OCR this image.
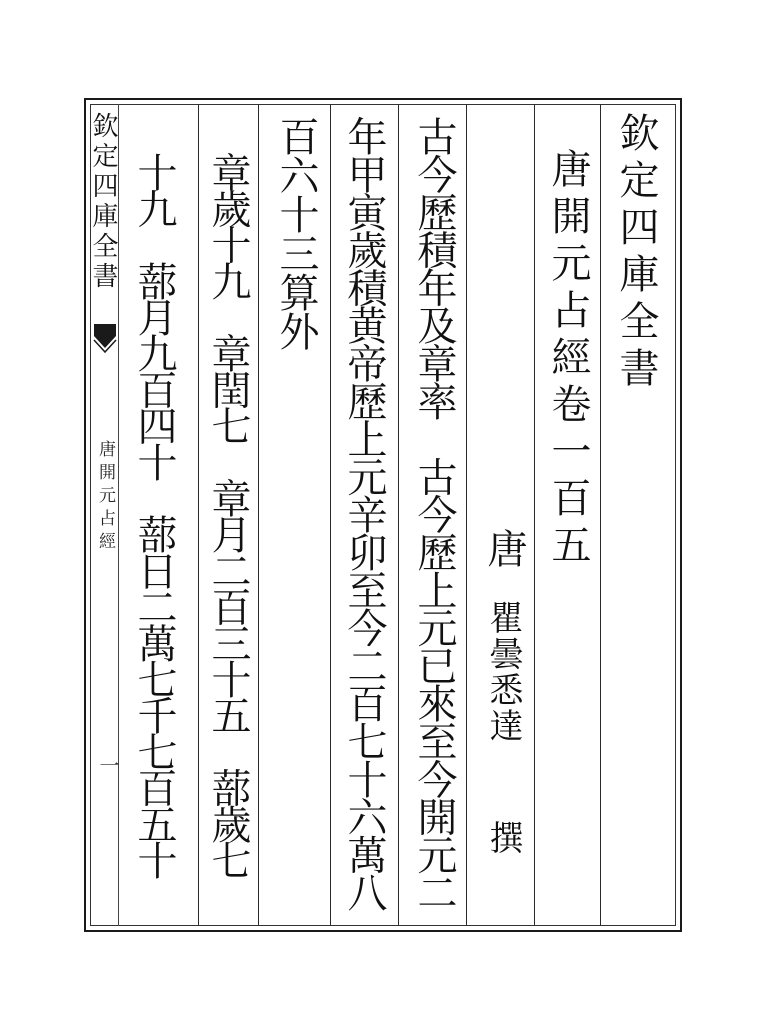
欽定四庫全書
唐開元占經
一
欽定四庫全書
唐開元占經卷一百五
唐
瞿曇悉達
撰
古今歷積年及章率　古今歷上元已來至今開元二
年甲寅歲積黄帝歷上元辛卯至今二百七十六萬八
百六十三算外
章歲十九　章閏七　章月二百三十五　蔀歲七
十九　蔀月九百四十　蔀日二萬七千七百五十
